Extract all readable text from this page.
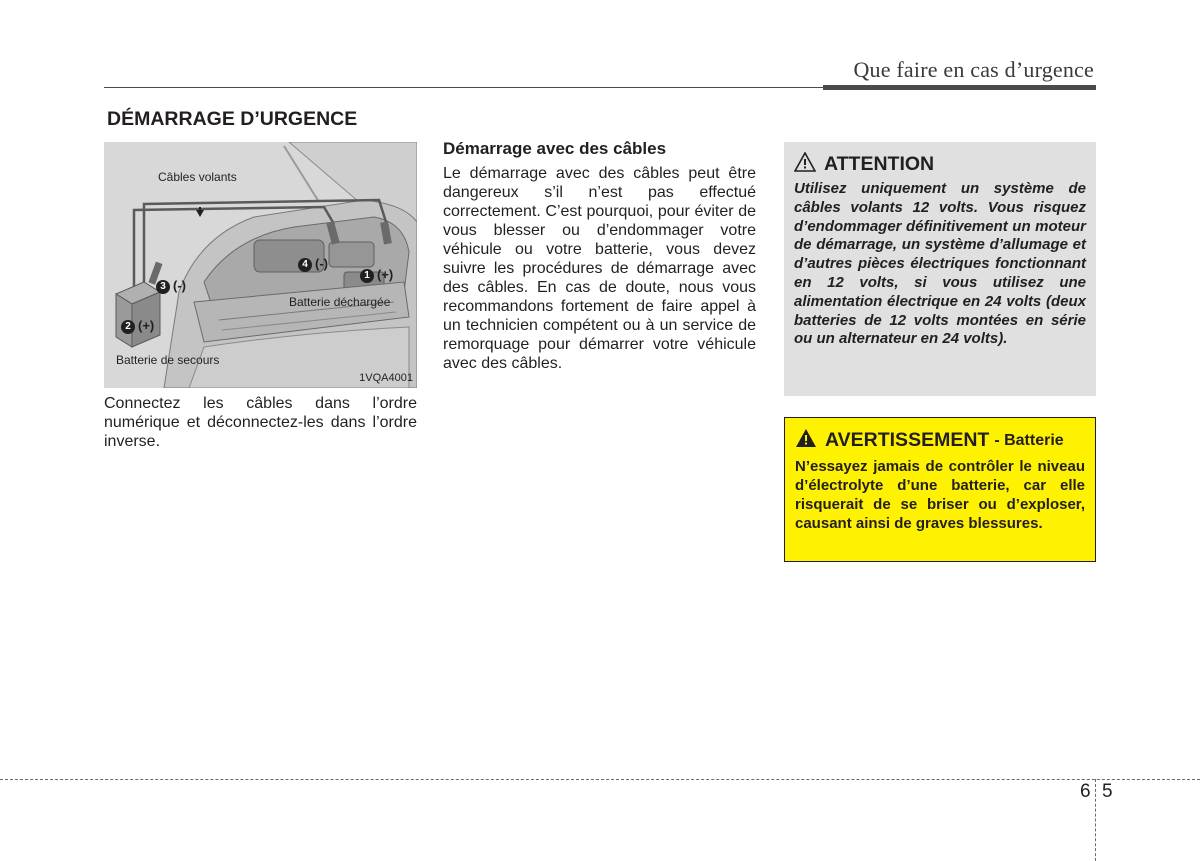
Que faire en cas d’urgence
DÉMARRAGE D’URGENCE
Câbles volants
1 (+)
2 (+)
3 (-)
4 (-)
Batterie déchargée
Batterie de secours
1VQA4001

Connectez les câbles dans l’ordre numérique et déconnectez-les dans l’ordre inverse.

Démarrage avec des câbles

Le démarrage avec des câbles peut être dangereux s’il n’est pas effectué correctement. C’est pourquoi, pour éviter de vous blesser ou d’endommager votre véhicule ou votre batterie, vous devez suivre les procédures de démarrage avec des câbles. En cas de doute, nous vous recommandons fortement de faire appel à un technicien compétent ou à un service de remorquage pour démarrer votre véhicule avec des câbles.

ATTENTION

Utilisez uniquement un système de câbles volants 12 volts. Vous risquez d’endommager définitivement un moteur de démarrage, un système d’allumage et d’autres pièces électriques fonctionnant en 12 volts, si vous utilisez une alimentation électrique en 24 volts (deux batteries de 12 volts montées en série ou un alternateur en 24 volts).

AVERTISSEMENT - Batterie

N’essayez jamais de contrôler le niveau d’électrolyte d’une batterie, car elle risquerait de se briser ou d’exploser, causant ainsi de graves blessures.

6 5
